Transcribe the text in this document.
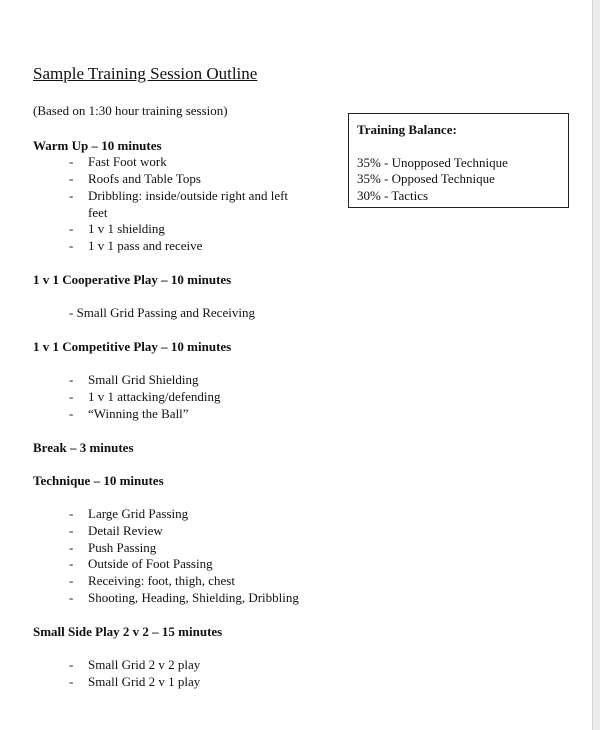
Sample Training Session Outline
(Based on 1:30 hour training session)
Training Balance:
35% - Unopposed Technique
35% - Opposed Technique
30% - Tactics
Warm Up – 10 minutes
- Fast Foot work
- Roofs and Table Tops
- Dribbling: inside/outside right and left
feet
- 1 v 1 shielding
- 1 v 1 pass and receive
1 v 1 Cooperative Play – 10 minutes
- Small Grid Passing and Receiving
1 v 1 Competitive Play – 10 minutes
- Small Grid Shielding
- 1 v 1 attacking/defending
- “Winning the Ball”
Break – 3 minutes
Technique – 10 minutes
- Large Grid Passing
- Detail Review
- Push Passing
- Outside of Foot Passing
- Receiving: foot, thigh, chest
- Shooting, Heading, Shielding, Dribbling
Small Side Play 2 v 2 – 15 minutes
- Small Grid 2 v 2 play
- Small Grid 2 v 1 play
